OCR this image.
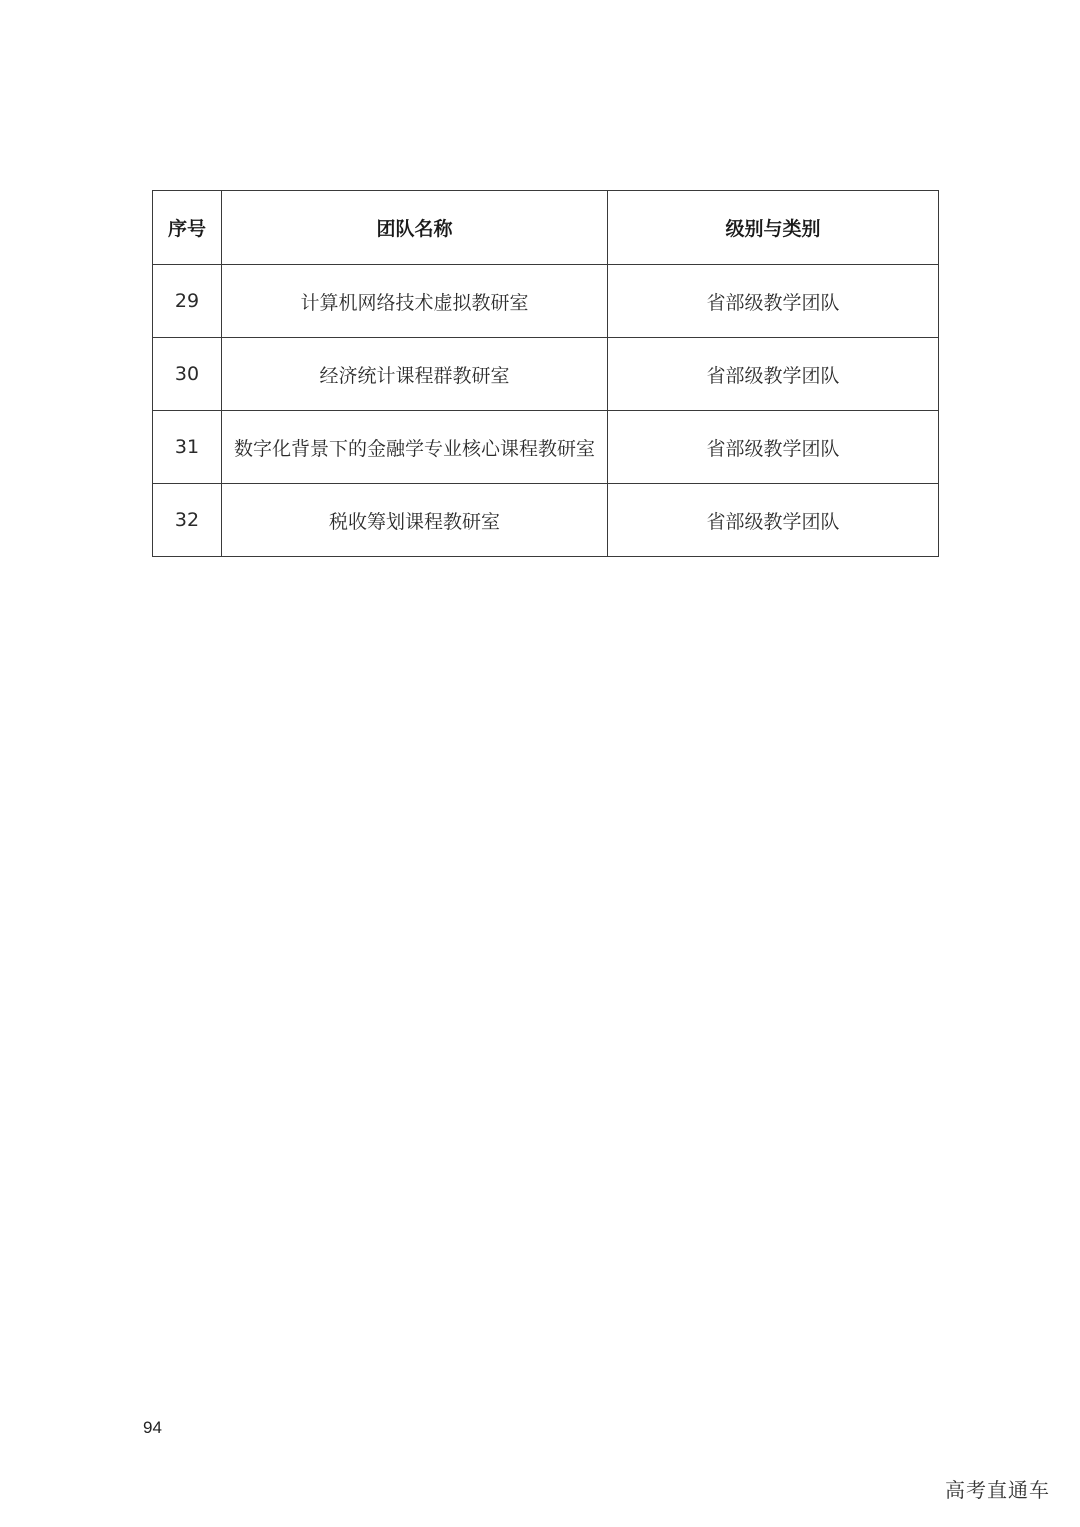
序号	团队名称	级别与类别
29	计算机网络技术虚拟教研室	省部级教学团队
30	经济统计课程群教研室	省部级教学团队
31	数字化背景下的金融学专业核心课程教研室	省部级教学团队
32	税收筹划课程教研室	省部级教学团队
94
高考直通车
